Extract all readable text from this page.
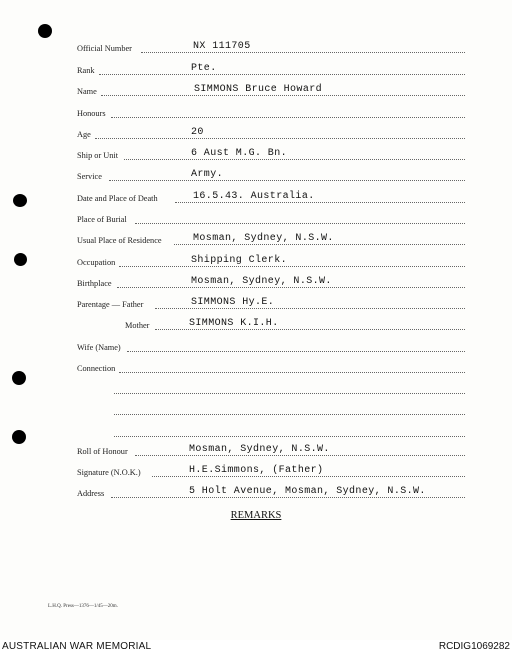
Official Number	NX 111705
Rank	Pte.
Name	SIMMONS Bruce Howard
Honours
Age	20
Ship or Unit	6 Aust M.G. Bn.
Service	Army.
Date and Place of Death	16.5.43. Australia.
Place of Burial
Usual Place of Residence	Mosman, Sydney, N.S.W.
Occupation	Shipping Clerk.
Birthplace	Mosman, Sydney, N.S.W.
Parentage — Father	SIMMONS Hy.E.
Mother	SIMMONS K.I.H.
Wife (Name)
Connection
Roll of Honour	Mosman, Sydney, N.S.W.
Signature (N.O.K.)	H.E.Simmons, (Father)
Address	5 Holt Avenue, Mosman, Sydney, N.S.W.
REMARKS
L.H.Q. Press—1376—1/45—20m.
AUSTRALIAN WAR MEMORIAL	RCDIG1069282
